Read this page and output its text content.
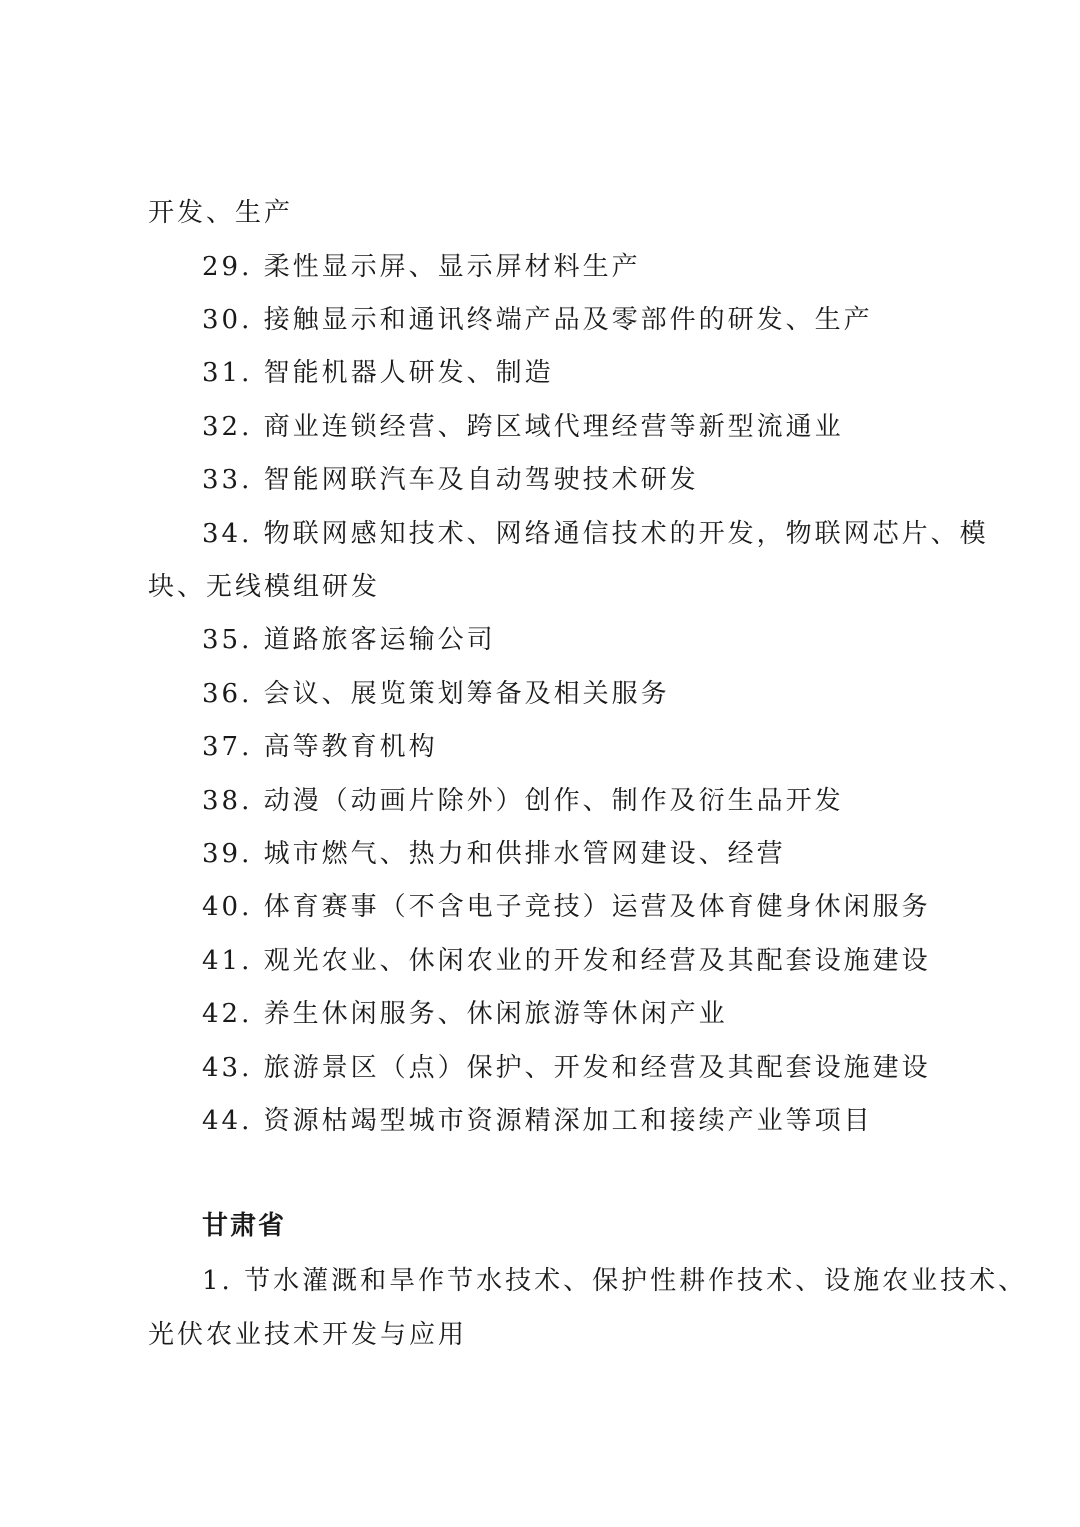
开发、生产
29. 柔性显示屏、显示屏材料生产
30. 接触显示和通讯终端产品及零部件的研发、生产
31. 智能机器人研发、制造
32. 商业连锁经营、跨区域代理经营等新型流通业
33. 智能网联汽车及自动驾驶技术研发
34. 物联网感知技术、网络通信技术的开发，物联网芯片、模
块、无线模组研发
35. 道路旅客运输公司
36. 会议、展览策划筹备及相关服务
37. 高等教育机构
38. 动漫（动画片除外）创作、制作及衍生品开发
39. 城市燃气、热力和供排水管网建设、经营
40. 体育赛事（不含电子竞技）运营及体育健身休闲服务
41. 观光农业、休闲农业的开发和经营及其配套设施建设
42. 养生休闲服务、休闲旅游等休闲产业
43. 旅游景区（点）保护、开发和经营及其配套设施建设
44. 资源枯竭型城市资源精深加工和接续产业等项目
甘肃省
1. 节水灌溉和旱作节水技术、保护性耕作技术、设施农业技术、
光伏农业技术开发与应用
